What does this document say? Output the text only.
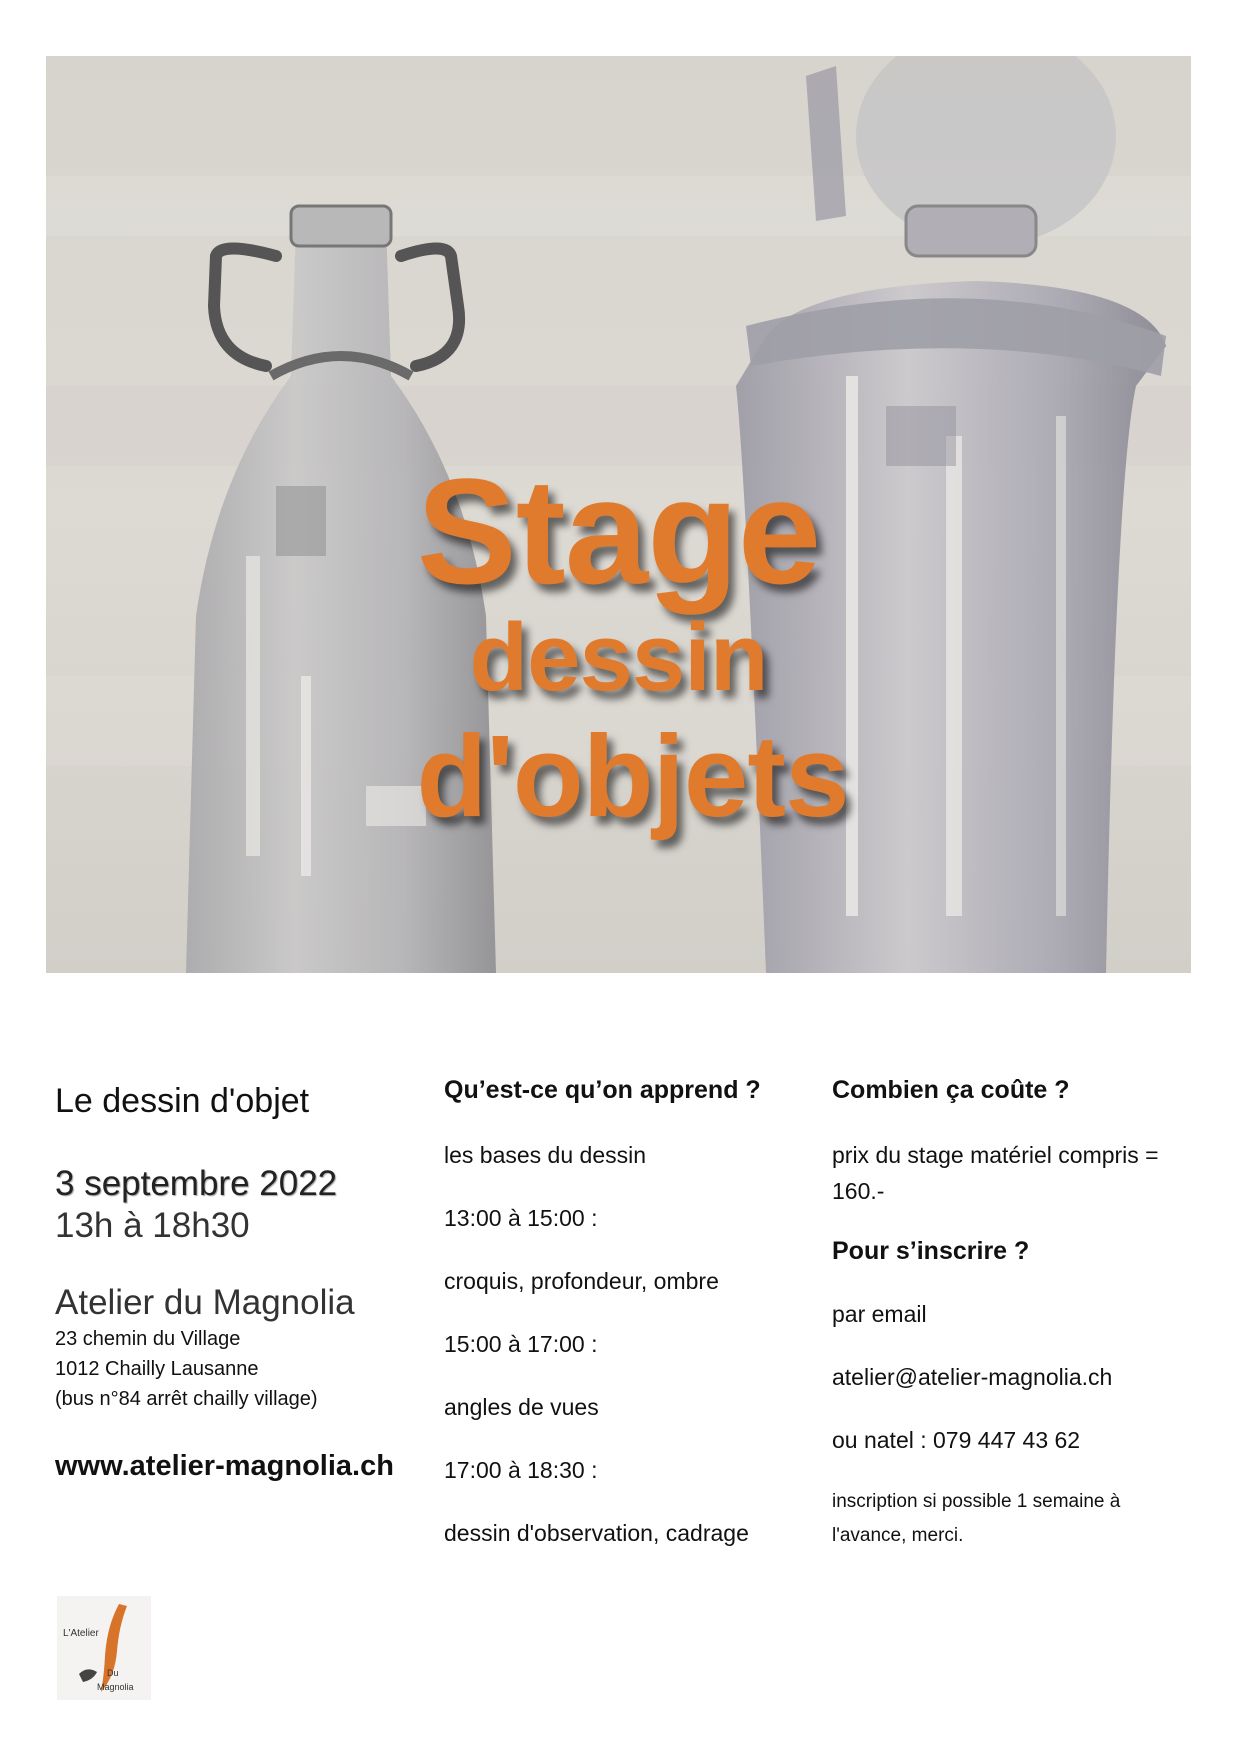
Stage
dessin
d'objets
Le dessin d'objet
3 septembre 2022
13h à 18h30
Atelier du Magnolia
23 chemin du Village
1012 Chailly Lausanne
(bus n°84 arrêt chailly village)
www.atelier-magnolia.ch
Qu’est-ce qu’on apprend ?
les bases du dessin
13:00 à 15:00 :
croquis, profondeur, ombre
15:00 à 17:00 :
angles de vues
17:00 à 18:30 :
dessin d'observation, cadrage
Combien ça coûte ?
prix du stage matériel compris =
160.-
Pour s’inscrire ?
par email
atelier@atelier-magnolia.ch
ou natel : 079 447 43 62
inscription si possible 1 semaine à
l'avance, merci.
L'Atelier
Du
Magnolia
